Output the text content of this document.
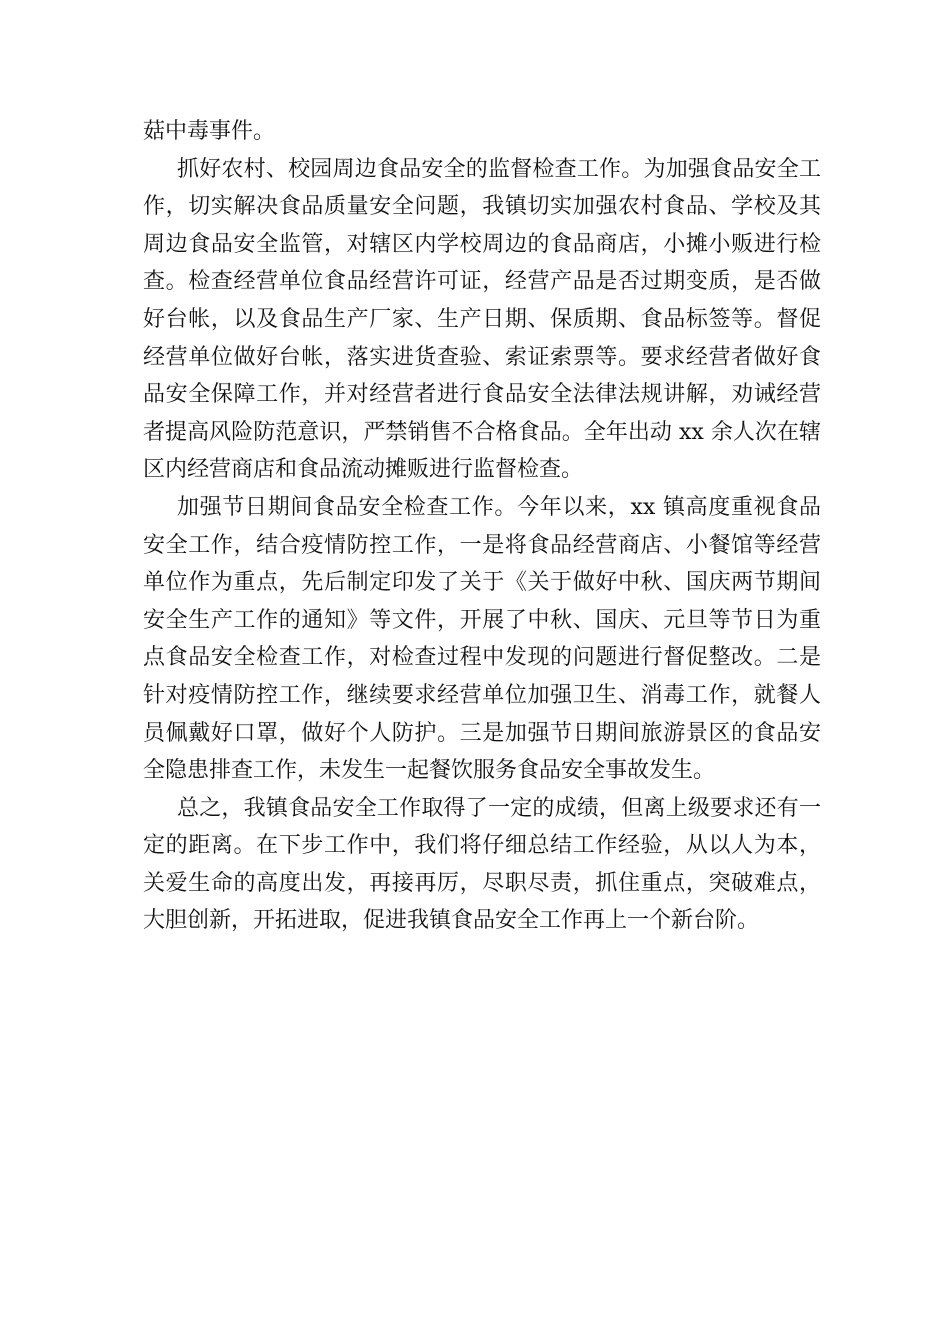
菇中毒事件。

抓好农村、校园周边食品安全的监督检查工作。为加强食品安全工作，切实解决食品质量安全问题，我镇切实加强农村食品、学校及其周边食品安全监管，对辖区内学校周边的食品商店，小摊小贩进行检查。检查经营单位食品经营许可证，经营产品是否过期变质，是否做好台帐，以及食品生产厂家、生产日期、保质期、食品标签等。督促经营单位做好台帐，落实进货查验、索证索票等。要求经营者做好食品安全保障工作，并对经营者进行食品安全法律法规讲解，劝诫经营者提高风险防范意识，严禁销售不合格食品。全年出动 xx 余人次在辖区内经营商店和食品流动摊贩进行监督检查。

加强节日期间食品安全检查工作。今年以来，xx 镇高度重视食品安全工作，结合疫情防控工作，一是将食品经营商店、小餐馆等经营单位作为重点，先后制定印发了关于《关于做好中秋、国庆两节期间安全生产工作的通知》等文件，开展了中秋、国庆、元旦等节日为重点食品安全检查工作，对检查过程中发现的问题进行督促整改。二是针对疫情防控工作，继续要求经营单位加强卫生、消毒工作，就餐人员佩戴好口罩，做好个人防护。三是加强节日期间旅游景区的食品安全隐患排查工作，未发生一起餐饮服务食品安全事故发生。

总之，我镇食品安全工作取得了一定的成绩，但离上级要求还有一定的距离。在下步工作中，我们将仔细总结工作经验，从以人为本，关爱生命的高度出发，再接再厉，尽职尽责，抓住重点，突破难点，大胆创新，开拓进取，促进我镇食品安全工作再上一个新台阶。
